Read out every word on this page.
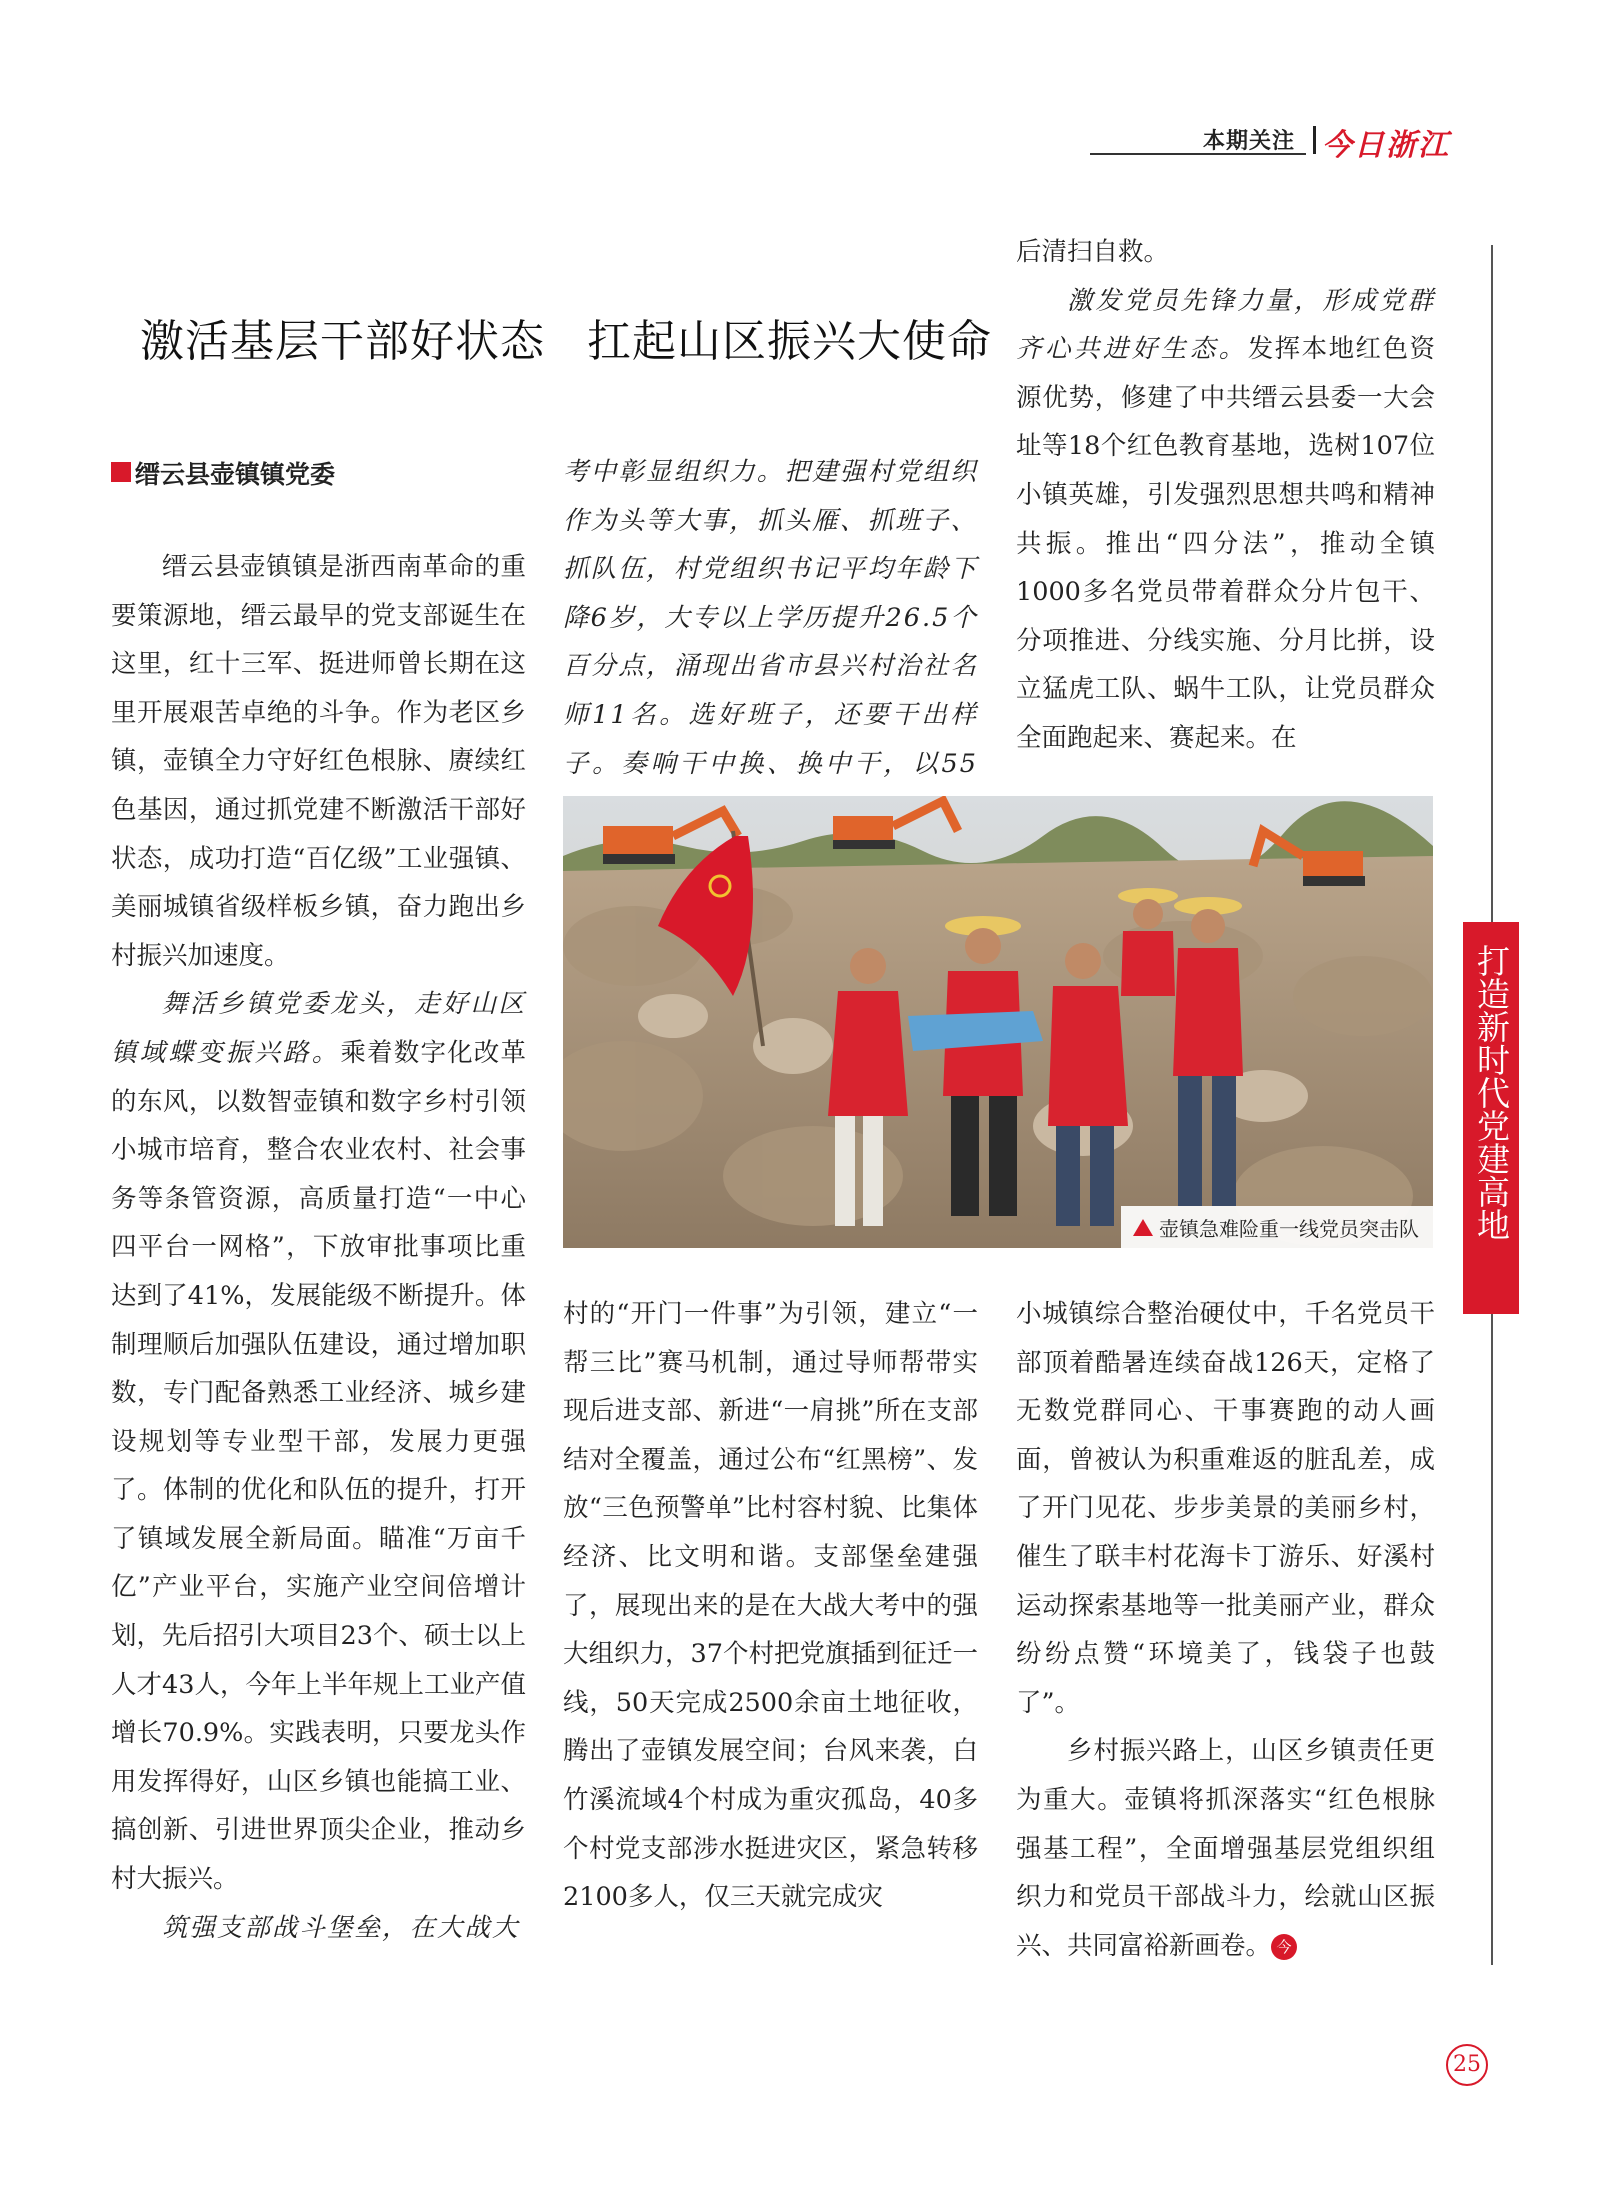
本期关注 今日浙江
打造新时代党建高地
激活基层干部好状态 扛起山区振兴大使命
缙云县壶镇镇党委

缙云县壶镇镇是浙西南革命的重要策源地，缙云最早的党支部诞生在这里，红十三军、挺进师曾长期在这里开展艰苦卓绝的斗争。作为老区乡镇，壶镇全力守好红色根脉、赓续红色基因，通过抓党建不断激活干部好状态，成功打造“百亿级”工业强镇、美丽城镇省级样板乡镇，奋力跑出乡村振兴加速度。

舞活乡镇党委龙头，走好山区镇域蝶变振兴路。乘着数字化改革的东风，以数智壶镇和数字乡村引领小城市培育，整合农业农村、社会事务等条管资源，高质量打造“一中心四平台一网格”，下放审批事项比重达到了41%，发展能级不断提升。体制理顺后加强队伍建设，通过增加职数，专门配备熟悉工业经济、城乡建设规划等专业型干部，发展力更强了。体制的优化和队伍的提升，打开了镇域发展全新局面。瞄准“万亩千亿”产业平台，实施产业空间倍增计划，先后招引大项目23个、硕士以上人才43人，今年上半年规上工业产值增长70.9%。实践表明，只要龙头作用发挥得好，山区乡镇也能搞工业、搞创新、引进世界顶尖企业，推动乡村大振兴。

筑强支部战斗堡垒，在大战大

考中彰显组织力。把建强村党组织作为头等大事，抓头雁、抓班子、抓队伍，村党组织书记平均年龄下降6岁，大专以上学历提升26.5个百分点，涌现出省市县兴村治社名师11名。选好班子，还要干出样子。奏响干中换、换中干，以55

后清扫自救。

激发党员先锋力量，形成党群齐心共进好生态。发挥本地红色资源优势，修建了中共缙云县委一大会址等18个红色教育基地，选树107位小镇英雄，引发强烈思想共鸣和精神共振。推出“四分法”，推动全镇1000多名党员带着群众分片包干、分项推进、分线实施、分月比拼，设立猛虎工队、蜗牛工队，让党员群众全面跑起来、赛起来。在

壶镇急难险重一线党员突击队

村的“开门一件事”为引领，建立“一帮三比”赛马机制，通过导师帮带实现后进支部、新进“一肩挑”所在支部结对全覆盖，通过公布“红黑榜”、发放“三色预警单”比村容村貌、比集体经济、比文明和谐。支部堡垒建强了，展现出来的是在大战大考中的强大组织力，37个村把党旗插到征迁一线，50天完成2500余亩土地征收，腾出了壶镇发展空间；台风来袭，白竹溪流域4个村成为重灾孤岛，40多个村党支部涉水挺进灾区，紧急转移2100多人，仅三天就完成灾

小城镇综合整治硬仗中，千名党员干部顶着酷暑连续奋战126天，定格了无数党群同心、干事赛跑的动人画面，曾被认为积重难返的脏乱差，成了开门见花、步步美景的美丽乡村，催生了联丰村花海卡丁游乐、好溪村运动探索基地等一批美丽产业，群众纷纷点赞“环境美了，钱袋子也鼓了”。

乡村振兴路上，山区乡镇责任更为重大。壶镇将抓深落实“红色根脉强基工程”，全面增强基层党组织组织力和党员干部战斗力，绘就山区振兴、共同富裕新画卷。 今

25
